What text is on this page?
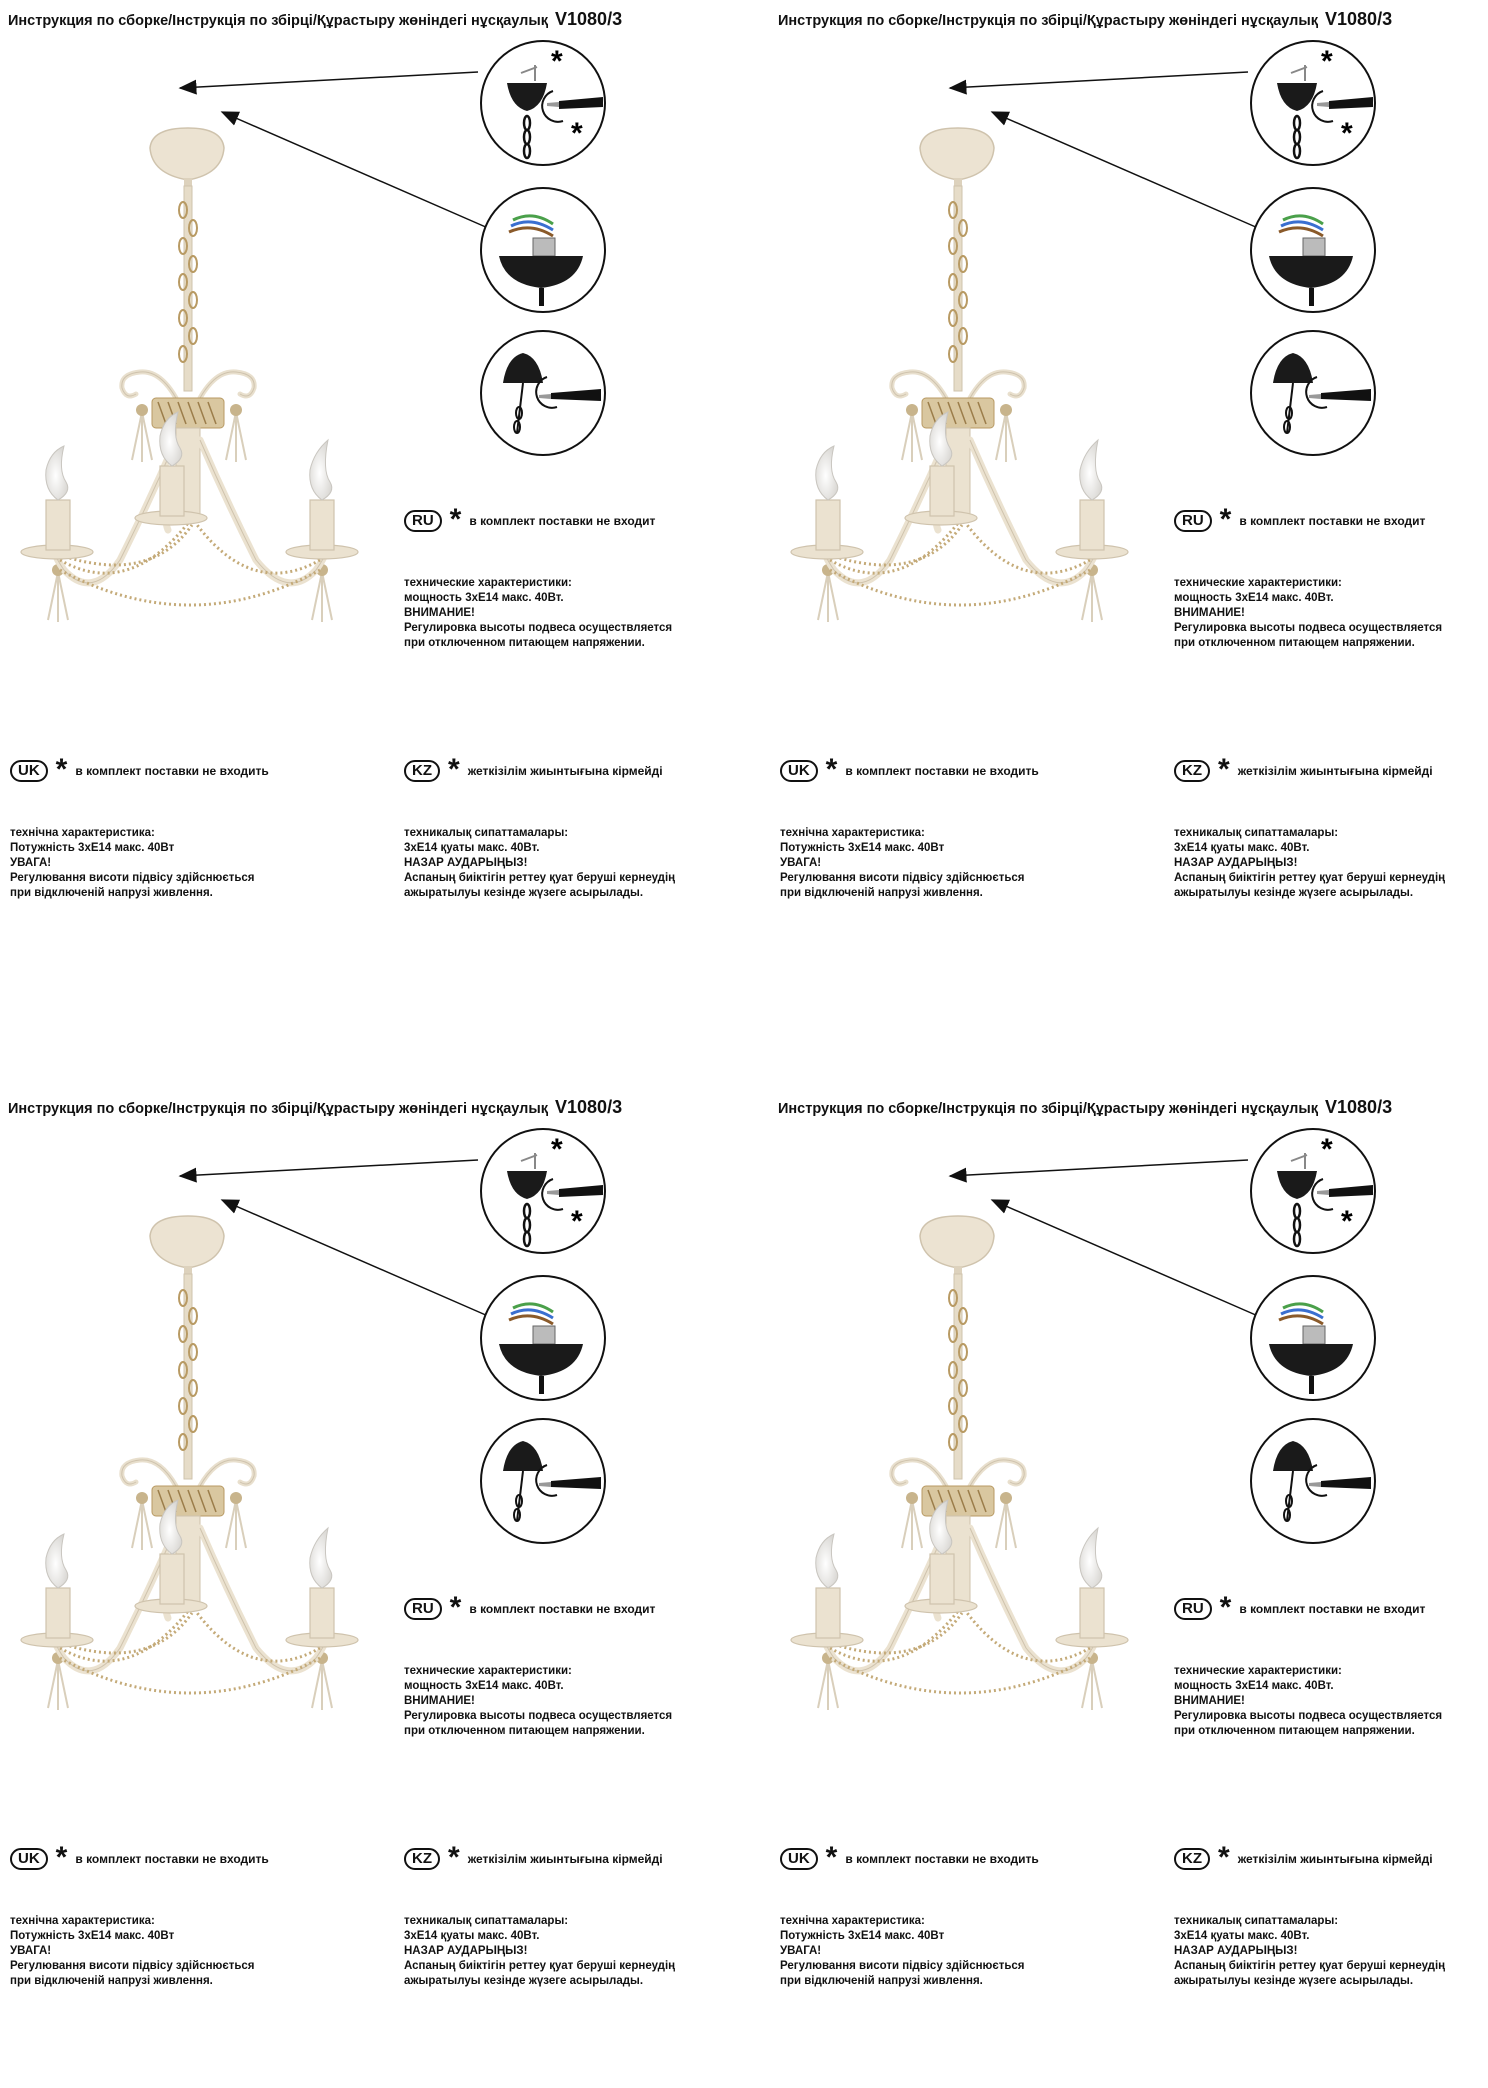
Инструкция по сборке/Інструкція по збірці/Құрастыру жөніндегі нұсқаулық V1080/3
*
*
RU * в комплект поставки не входит
технические характеристики:
мощность 3хЕ14 макс. 40Вт.
ВНИМАНИЕ!
Регулировка высоты подвеса осуществляется
при отключенном питающем напряжении.
UK * в комплект поставки не входить
технічна характеристика:
Потужність 3хЕ14 макс. 40Вт
УВАГА!
Регулювання висоти підвісу здійснюється
при відключеній напрузі живлення.
KZ * жеткізілім жиынтығына кірмейді
техникалық сипаттамалары:
3хЕ14 қуаты макс. 40Вт.
НАЗАР АУДАРЫҢЫЗ!
Аспаның биіктігін реттеу қуат беруші кернеудің
ажыратылуы кезінде жүзеге асырылады.
Инструкция по сборке/Інструкція по збірці/Құрастыру жөніндегі нұсқаулық V1080/3
*
*
RU * в комплект поставки не входит
технические характеристики:
мощность 3хЕ14 макс. 40Вт.
ВНИМАНИЕ!
Регулировка высоты подвеса осуществляется
при отключенном питающем напряжении.
UK * в комплект поставки не входить
технічна характеристика:
Потужність 3хЕ14 макс. 40Вт
УВАГА!
Регулювання висоти підвісу здійснюється
при відключеній напрузі живлення.
KZ * жеткізілім жиынтығына кірмейді
техникалық сипаттамалары:
3хЕ14 қуаты макс. 40Вт.
НАЗАР АУДАРЫҢЫЗ!
Аспаның биіктігін реттеу қуат беруші кернеудің
ажыратылуы кезінде жүзеге асырылады.
Инструкция по сборке/Інструкція по збірці/Құрастыру жөніндегі нұсқаулық V1080/3
*
*
RU * в комплект поставки не входит
технические характеристики:
мощность 3хЕ14 макс. 40Вт.
ВНИМАНИЕ!
Регулировка высоты подвеса осуществляется
при отключенном питающем напряжении.
UK * в комплект поставки не входить
технічна характеристика:
Потужність 3хЕ14 макс. 40Вт
УВАГА!
Регулювання висоти підвісу здійснюється
при відключеній напрузі живлення.
KZ * жеткізілім жиынтығына кірмейді
техникалық сипаттамалары:
3хЕ14 қуаты макс. 40Вт.
НАЗАР АУДАРЫҢЫЗ!
Аспаның биіктігін реттеу қуат беруші кернеудің
ажыратылуы кезінде жүзеге асырылады.
Инструкция по сборке/Інструкція по збірці/Құрастыру жөніндегі нұсқаулық V1080/3
*
*
RU * в комплект поставки не входит
технические характеристики:
мощность 3хЕ14 макс. 40Вт.
ВНИМАНИЕ!
Регулировка высоты подвеса осуществляется
при отключенном питающем напряжении.
UK * в комплект поставки не входить
технічна характеристика:
Потужність 3хЕ14 макс. 40Вт
УВАГА!
Регулювання висоти підвісу здійснюється
при відключеній напрузі живлення.
KZ * жеткізілім жиынтығына кірмейді
техникалық сипаттамалары:
3хЕ14 қуаты макс. 40Вт.
НАЗАР АУДАРЫҢЫЗ!
Аспаның биіктігін реттеу қуат беруші кернеудің
ажыратылуы кезінде жүзеге асырылады.
